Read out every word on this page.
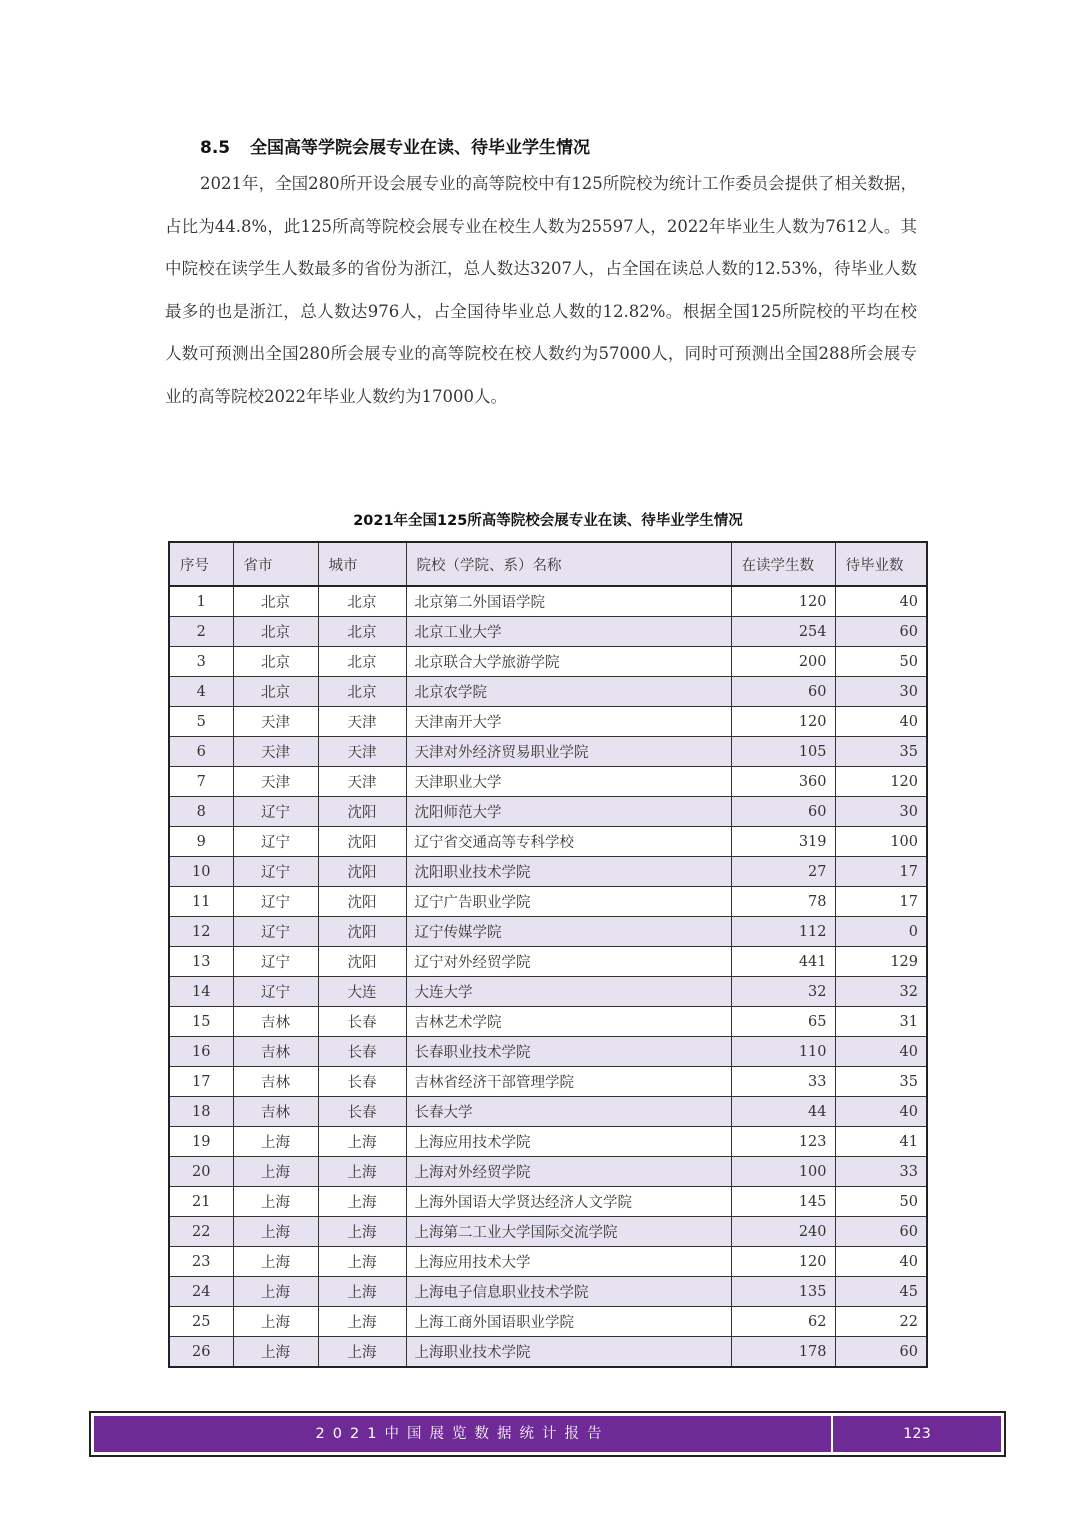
8.5 全国高等学院会展专业在读、待毕业学生情况

2021年，全国280所开设会展专业的高等院校中有125所院校为统计工作委员会提供了相关数据，占比为44.8%，此125所高等院校会展专业在校生人数为25597人，2022年毕业生人数为7612人。其中院校在读学生人数最多的省份为浙江，总人数达3207人，占全国在读总人数的12.53%，待毕业人数最多的也是浙江，总人数达976人，占全国待毕业总人数的12.82%。根据全国125所院校的平均在校人数可预测出全国280所会展专业的高等院校在校人数约为57000人，同时可预测出全国288所会展专业的高等院校2022年毕业人数约为17000人。

2021年全国125所高等院校会展专业在读、待毕业学生情况
序号	省市	城市	院校（学院、系）名称	在读学生数	待毕业数
1	北京	北京	北京第二外国语学院	120	40
2	北京	北京	北京工业大学	254	60
3	北京	北京	北京联合大学旅游学院	200	50
4	北京	北京	北京农学院	60	30
5	天津	天津	天津南开大学	120	40
6	天津	天津	天津对外经济贸易职业学院	105	35
7	天津	天津	天津职业大学	360	120
8	辽宁	沈阳	沈阳师范大学	60	30
9	辽宁	沈阳	辽宁省交通高等专科学校	319	100
10	辽宁	沈阳	沈阳职业技术学院	27	17
11	辽宁	沈阳	辽宁广告职业学院	78	17
12	辽宁	沈阳	辽宁传媒学院	112	0
13	辽宁	沈阳	辽宁对外经贸学院	441	129
14	辽宁	大连	大连大学	32	32
15	吉林	长春	吉林艺术学院	65	31
16	吉林	长春	长春职业技术学院	110	40
17	吉林	长春	吉林省经济干部管理学院	33	35
18	吉林	长春	长春大学	44	40
19	上海	上海	上海应用技术学院	123	41
20	上海	上海	上海对外经贸学院	100	33
21	上海	上海	上海外国语大学贤达经济人文学院	145	50
22	上海	上海	上海第二工业大学国际交流学院	240	60
23	上海	上海	上海应用技术大学	120	40
24	上海	上海	上海电子信息职业技术学院	135	45
25	上海	上海	上海工商外国语职业学院	62	22
26	上海	上海	上海职业技术学院	178	60
2021中国展览数据统计报告	123
